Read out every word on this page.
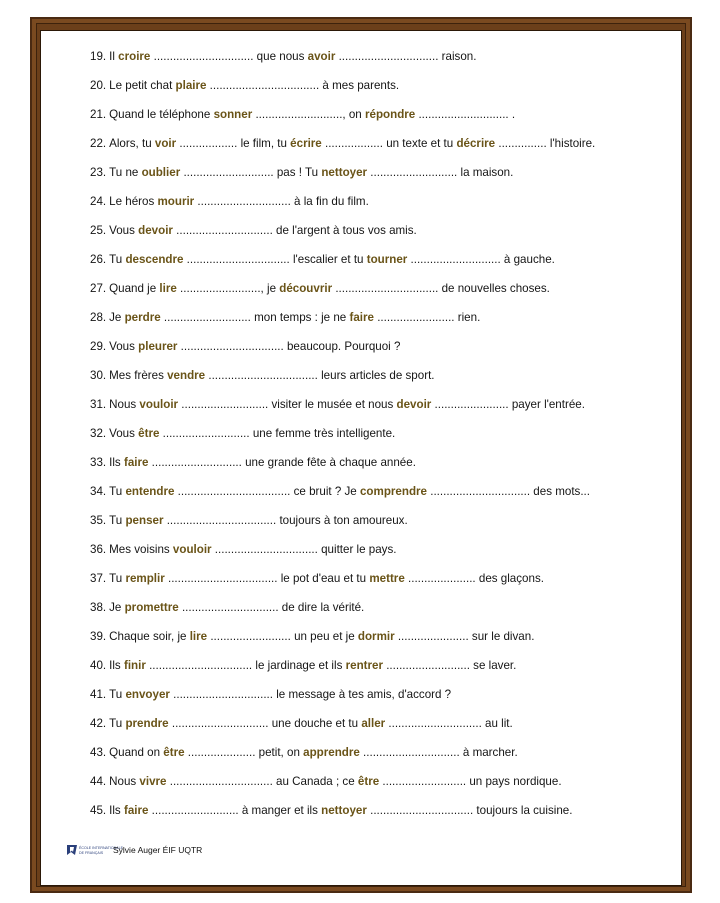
19. Il croire ............................... que nous avoir ............................... raison.
20. Le petit chat plaire .................................. à mes parents.
21. Quand le téléphone sonner ..........................., on répondre ............................ .
22. Alors, tu voir .................. le film, tu écrire .................. un texte et tu décrire ............... l'histoire.
23. Tu ne oublier ............................ pas ! Tu nettoyer ........................... la maison.
24. Le héros mourir ............................. à la fin du film.
25. Vous devoir .............................. de l'argent à tous vos amis.
26. Tu descendre ................................ l'escalier et tu tourner ............................ à gauche.
27. Quand je lire ........................., je découvrir ................................ de nouvelles choses.
28. Je perdre ........................... mon temps : je ne faire ........................ rien.
29. Vous pleurer ................................ beaucoup. Pourquoi ?
30. Mes frères vendre .................................. leurs articles de sport.
31. Nous vouloir ........................... visiter le musée et nous devoir ....................... payer l'entrée.
32. Vous être ........................... une femme très intelligente.
33. Ils faire ............................ une grande fête à chaque année.
34. Tu entendre ................................... ce bruit ? Je comprendre ............................... des mots...
35. Tu penser .................................. toujours à ton amoureux.
36. Mes voisins vouloir ................................ quitter le pays.
37. Tu remplir .................................. le pot d'eau et tu mettre ..................... des glaçons.
38. Je promettre .............................. de dire la vérité.
39. Chaque soir, je lire ......................... un peu et je dormir ...................... sur le divan.
40. Ils finir ................................ le jardinage et ils rentrer .......................... se laver.
41. Tu envoyer ............................... le message à tes amis, d'accord ?
42. Tu prendre .............................. une douche et tu aller ............................. au lit.
43. Quand on être ..................... petit, on apprendre .............................. à marcher.
44. Nous vivre ................................ au Canada ; ce être .......................... un pays nordique.
45. Ils faire ........................... à manger et ils nettoyer ................................ toujours la cuisine.
ÉCOLE INTERNATIONALE
DE FRANÇAIS Sylvie Auger ÉIF UQTR
